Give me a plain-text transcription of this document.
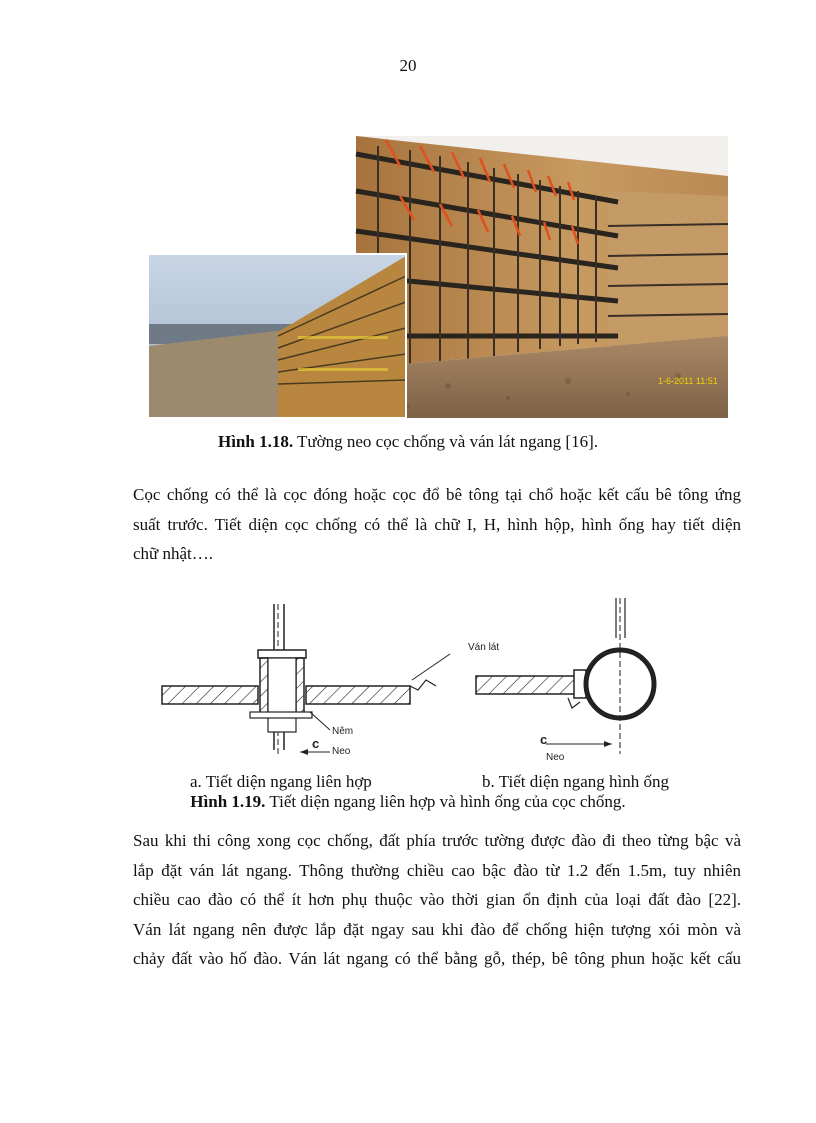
20
1-6-2011 11:51
Hình 1.18. Tường neo cọc chống và ván lát ngang [16].
Cọc chống có thể là cọc đóng hoặc cọc đổ bê tông tại chổ hoặc kết cấu bê tông ứng
suất trước. Tiết diện cọc chống có thể là chữ I, H, hình hộp, hình ống hay tiết diện
chữ nhật….
Nêm
Neo
c
Ván lát
c
Neo
a. Tiết diện ngang liên hợp	b. Tiết diện ngang hình ống
Hình 1.19. Tiết diện ngang liên hợp và hình ống của cọc chống.
Sau khi thi công xong cọc chống, đất phía trước tường được đào đi theo từng bậc và
lắp đặt ván lát ngang. Thông thường chiều cao bậc đào từ 1.2 đến 1.5m, tuy nhiên
chiều cao đào có thể ít hơn phụ thuộc vào thời gian ổn định của loại đất đào [22].
Ván lát ngang nên được lắp đặt ngay sau khi đào để chống hiện tượng xói mòn và
chảy đất vào hố đào. Ván lát ngang có thể bằng gỗ, thép, bê tông phun hoặc kết cấu
